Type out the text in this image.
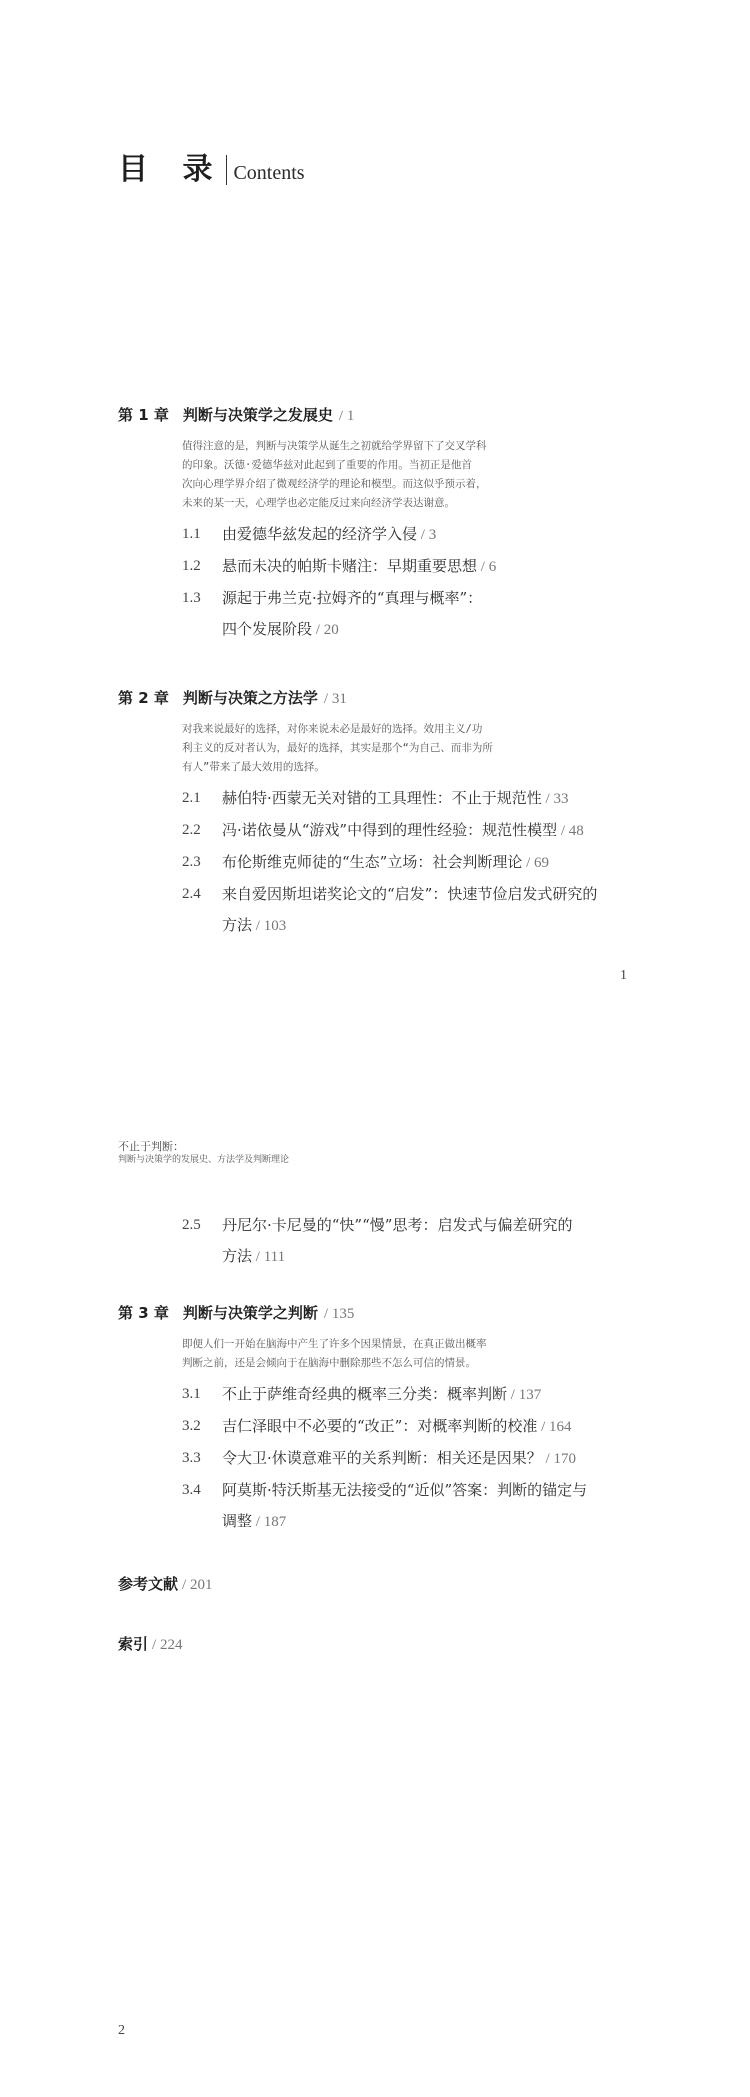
目 录 Contents
第 1 章 判断与决策学之发展史 / 1
值得注意的是，判断与决策学从诞生之初就给学界留下了交叉学科
的印象。沃德·爱德华兹对此起到了重要的作用。当初正是他首
次向心理学界介绍了微观经济学的理论和模型。而这似乎预示着，
未来的某一天，心理学也必定能反过来向经济学表达谢意。
1.1	由爱德华兹发起的经济学入侵 / 3
1.2	悬而未决的帕斯卡赌注：早期重要思想 / 6
1.3	源起于弗兰克·拉姆齐的“真理与概率”：
四个发展阶段 / 20
第 2 章 判断与决策之方法学 / 31
对我来说最好的选择，对你来说未必是最好的选择。效用主义/功
利主义的反对者认为，最好的选择，其实是那个“为自己、而非为所
有人”带来了最大效用的选择。
2.1	赫伯特·西蒙无关对错的工具理性：不止于规范性 / 33
2.2	冯·诺依曼从“游戏”中得到的理性经验：规范性模型 / 48
2.3	布伦斯维克师徒的“生态”立场：社会判断理论 / 69
2.4	来自爱因斯坦诺奖论文的“启发”：快速节俭启发式研究的
方法 / 103
1
不止于判断：
判断与决策学的发展史、方法学及判断理论
2.5	丹尼尔·卡尼曼的“快”“慢”思考：启发式与偏差研究的
方法 / 111
第 3 章 判断与决策学之判断 / 135
即便人们一开始在脑海中产生了许多个因果情景，在真正做出概率
判断之前，还是会倾向于在脑海中删除那些不怎么可信的情景。
3.1	不止于萨维奇经典的概率三分类：概率判断 / 137
3.2	吉仁泽眼中不必要的“改正”：对概率判断的校准 / 164
3.3	令大卫·休谟意难平的关系判断：相关还是因果？ / 170
3.4	阿莫斯·特沃斯基无法接受的“近似”答案：判断的锚定与
调整 / 187
参考文献 / 201
索引 / 224
2
